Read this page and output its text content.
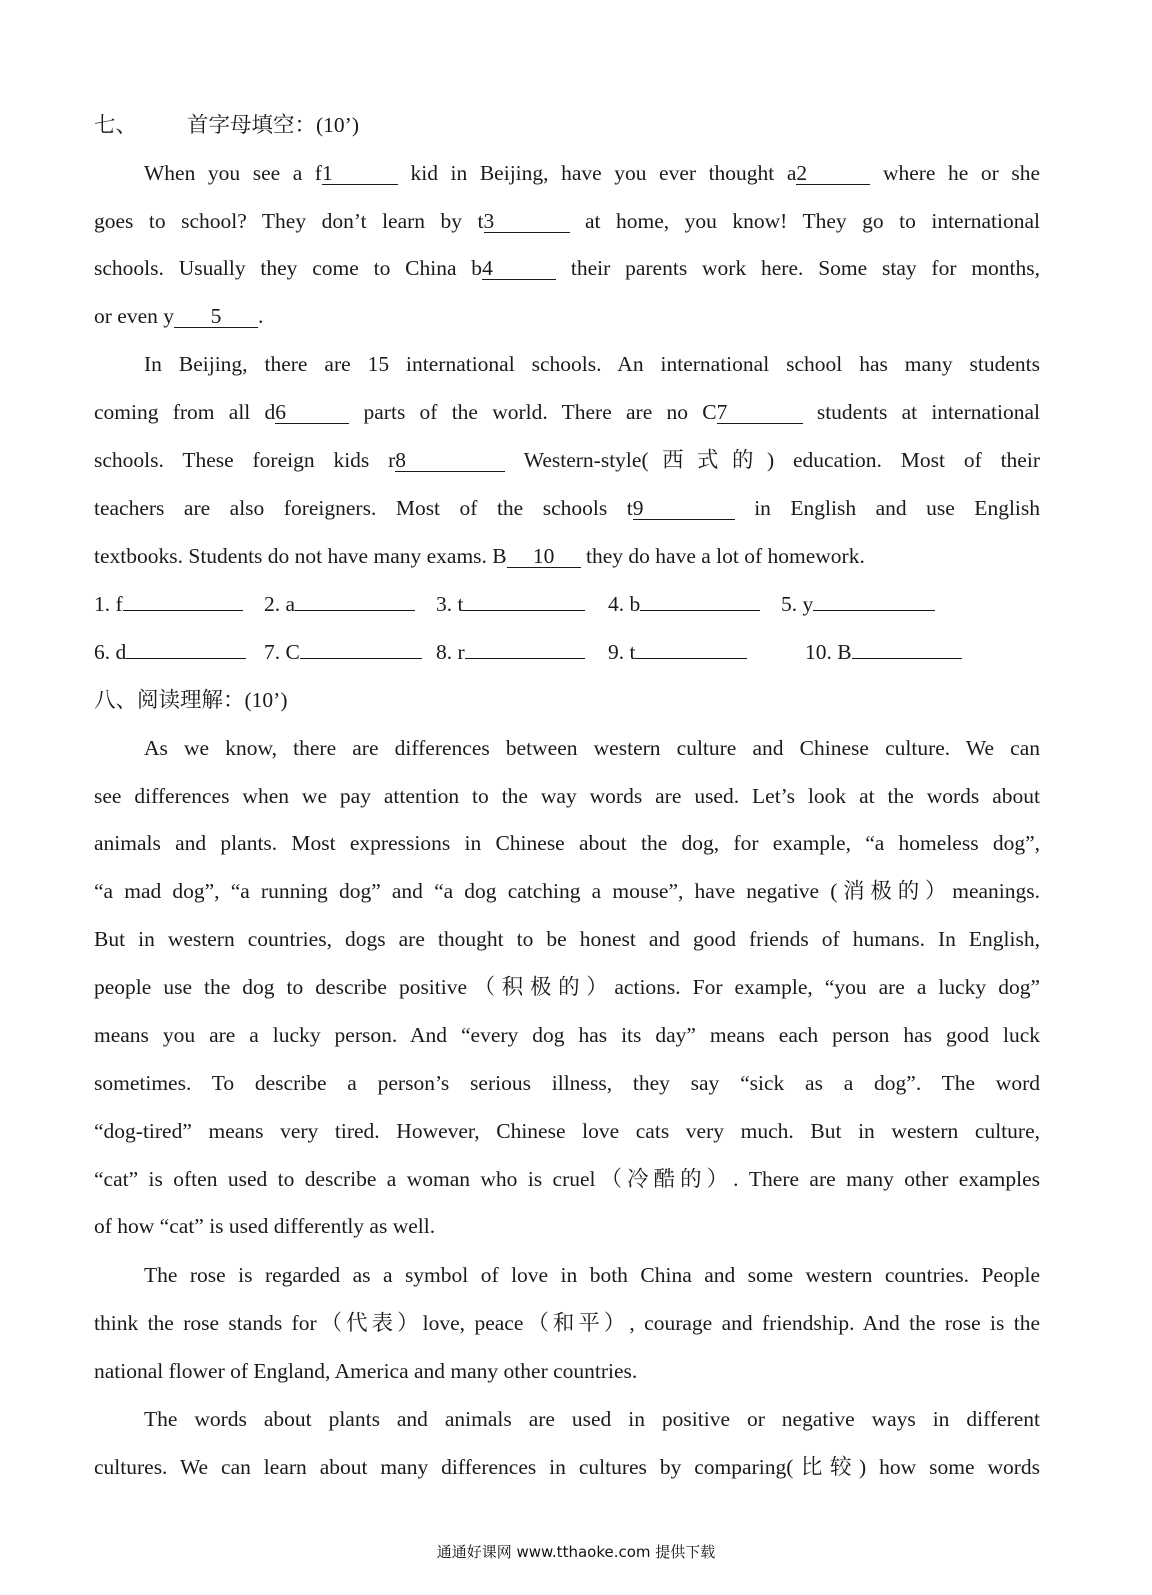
七、 首字母填空：(10’)
When you see a f1	kid in Beijing, have you ever thought a2	where he or she
goes to school? They don’t learn by t3	at home, you know! They go to international
schools. Usually they come to China b4	their parents work here. Some stay for months,
or even y 5 .
In Beijing, there are 15 international schools. An international school has many students
coming from all d6	parts of the world. There are no C7	students at international
schools. These foreign kids r8	Western-style(西式的) education. Most of their
teachers are also foreigners. Most of the schools t9	in English and use English
textbooks. Students do not have many exams. B 10 they do have a lot of homework.
1. f	2. a	3. t	4. b	5. y
6. d	7. C	8. r	9. t	10. B
八、阅读理解：(10’)
As we know, there are differences between western culture and Chinese culture. We can
see differences when we pay attention to the way words are used. Let’s look at the words about
animals and plants. Most expressions in Chinese about the dog, for example, “a homeless dog”,
“a mad dog”, “a running dog” and “a dog catching a mouse”, have negative (消极的）meanings.
But in western countries, dogs are thought to be honest and good friends of humans. In English,
people use the dog to describe positive（积极的）actions. For example, “you are a lucky dog”
means you are a lucky person. And “every dog has its day” means each person has good luck
sometimes. To describe a person’s serious illness, they say “sick as a dog”. The word
“dog-tired” means very tired. However, Chinese love cats very much. But in western culture,
“cat” is often used to describe a woman who is cruel（冷酷的）. There are many other examples
of how “cat” is used differently as well.
The rose is regarded as a symbol of love in both China and some western countries. People
think the rose stands for（代表）love, peace（和平）, courage and friendship. And the rose is the
national flower of England, America and many other countries.
The words about plants and animals are used in positive or negative ways in different
cultures. We can learn about many differences in cultures by comparing(比较) how some words
通通好课网 www.tthaoke.com 提供下载
